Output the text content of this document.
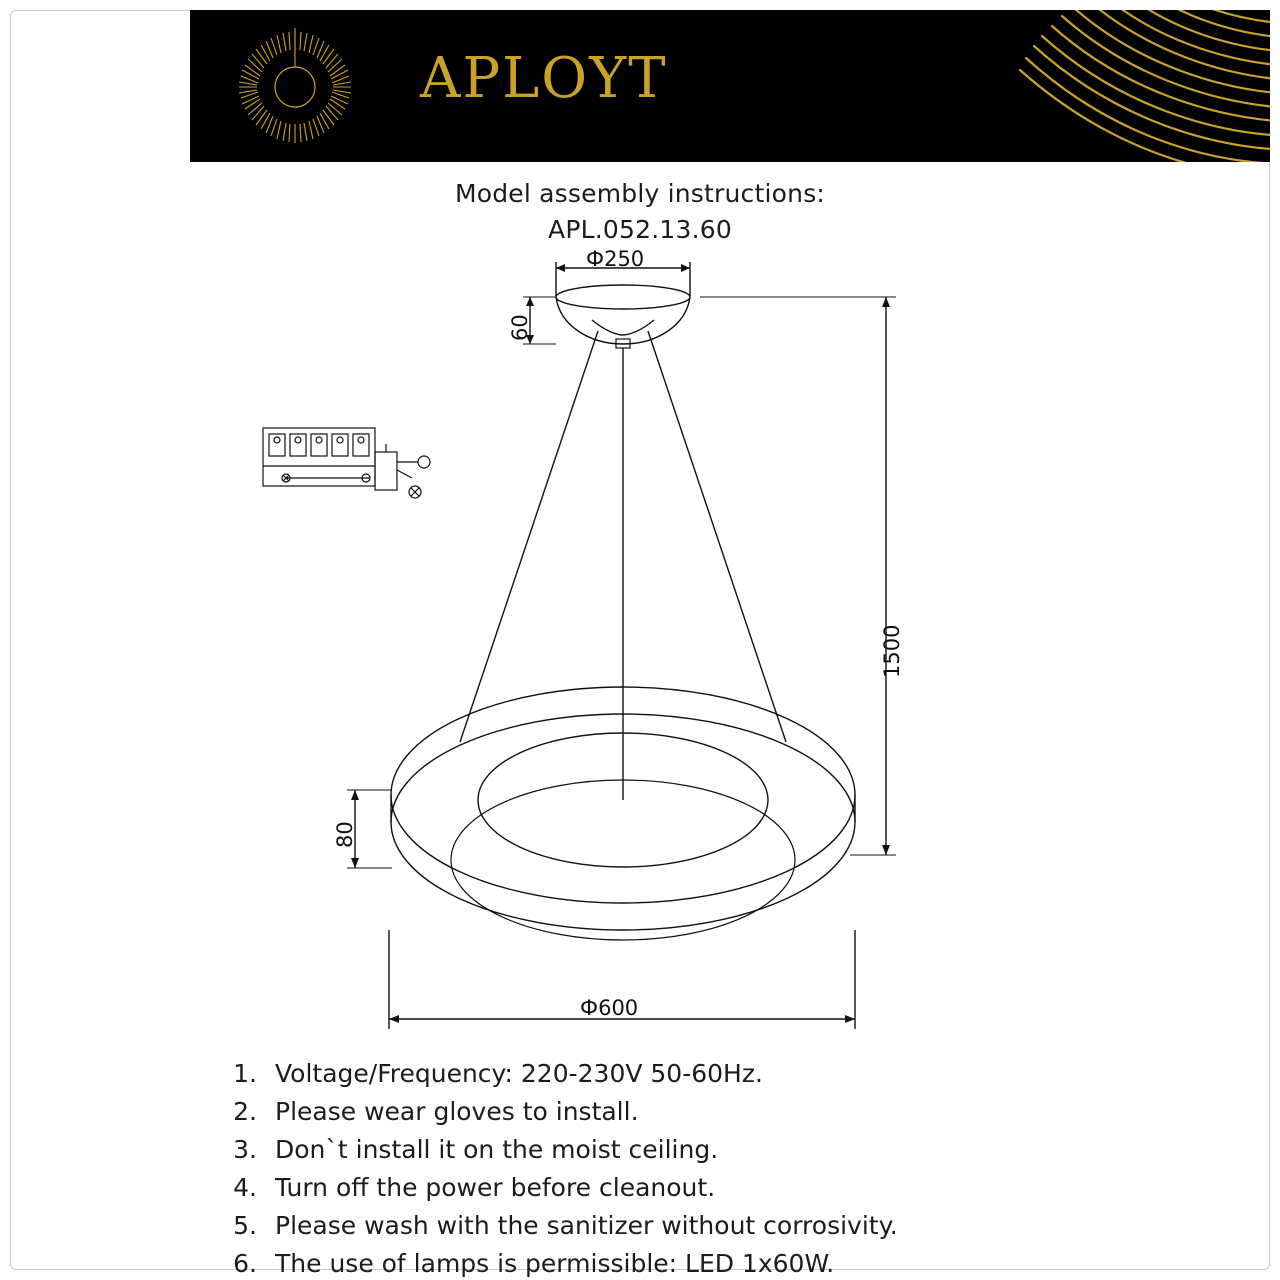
APLOYT
Model assembly instructions:
APL.052.13.60
Ф250
60
1500
80
Ф600
1. Voltage/Frequency: 220-230V 50-60Hz.
2. Please wear gloves to install.
3. Don`t install it on the moist ceiling.
4. Turn off the power before cleanout.
5. Please wash with the sanitizer without corrosivity.
6. The use of lamps is permissible: LED 1x60W.
